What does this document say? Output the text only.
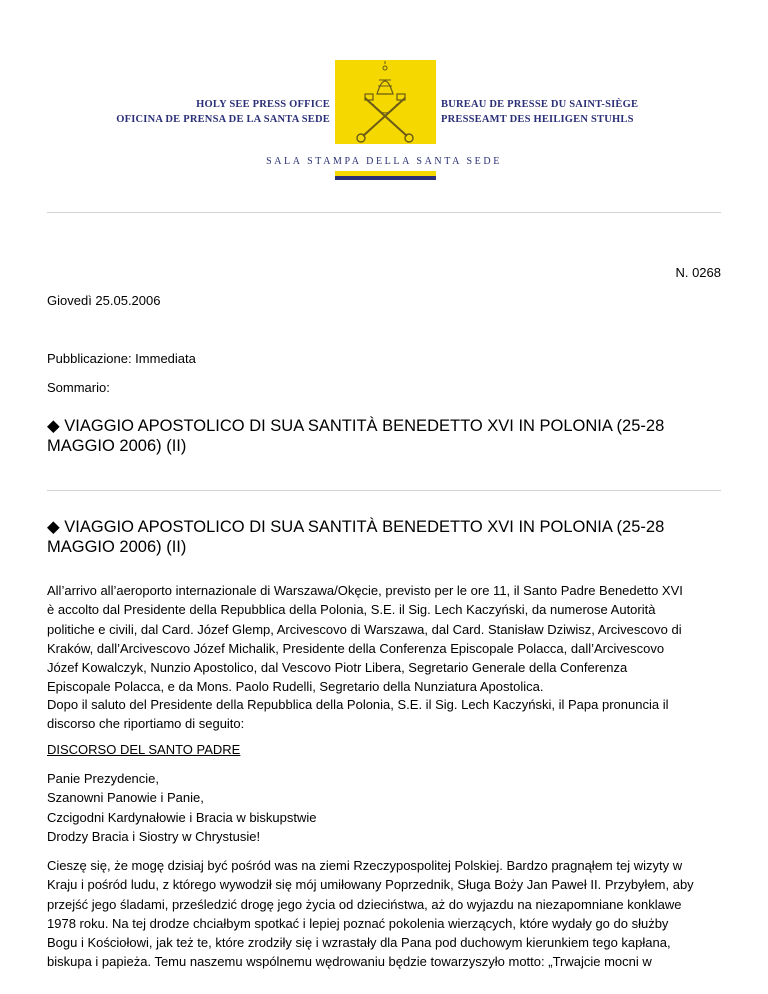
HOLY SEE PRESS OFFICE
OFICINA DE PRENSA DE LA SANTA SEDE
BUREAU DE PRESSE DU SAINT-SIÈGE
PRESSEAMT DES HEILIGEN STUHLS
SALA STAMPA DELLA SANTA SEDE
N. 0268
Giovedì 25.05.2006
Pubblicazione: Immediata
Sommario:
◆ VIAGGIO APOSTOLICO DI SUA SANTITÀ BENEDETTO XVI IN POLONIA (25-28
MAGGIO 2006) (II)
◆ VIAGGIO APOSTOLICO DI SUA SANTITÀ BENEDETTO XVI IN POLONIA (25-28
MAGGIO 2006) (II)
All’arrivo all’aeroporto internazionale di Warszawa/Okęcie, previsto per le ore 11, il Santo Padre Benedetto XVI
è accolto dal Presidente della Repubblica della Polonia, S.E. il Sig. Lech Kaczyński, da numerose Autorità
politiche e civili, dal Card. Józef Glemp, Arcivescovo di Warszawa, dal Card. Stanisław Dziwisz, Arcivescovo di
Kraków, dall’Arcivescovo Józef Michalik, Presidente della Conferenza Episcopale Polacca, dall’Arcivescovo
Józef Kowalczyk, Nunzio Apostolico, dal Vescovo Piotr Libera, Segretario Generale della Conferenza
Episcopale Polacca, e da Mons. Paolo Rudelli, Segretario della Nunziatura Apostolica.
Dopo il saluto del Presidente della Repubblica della Polonia, S.E. il Sig. Lech Kaczyński, il Papa pronuncia il
discorso che riportiamo di seguito:
DISCORSO DEL SANTO PADRE
Panie Prezydencie,
Szanowni Panowie i Panie,
Czcigodni Kardynałowie i Bracia w biskupstwie
Drodzy Bracia i Siostry w Chrystusie!
Cieszę się, że mogę dzisiaj być pośród was na ziemi Rzeczypospolitej Polskiej. Bardzo pragnąłem tej wizyty w
Kraju i pośród ludu, z którego wywodził się mój umiłowany Poprzednik, Sługa Boży Jan Paweł II. Przybyłem, aby
przejść jego śladami, prześledzić drogę jego życia od dzieciństwa, aż do wyjazdu na niezapomniane konklawe
1978 roku. Na tej drodze chciałbym spotkać i lepiej poznać pokolenia wierzących, które wydały go do służby
Bogu i Kościołowi, jak też te, które zrodziły się i wzrastały dla Pana pod duchowym kierunkiem tego kapłana,
biskupa i papieża. Temu naszemu wspólnemu wędrowaniu będzie towarzyszyło motto: „Trwajcie mocni w
